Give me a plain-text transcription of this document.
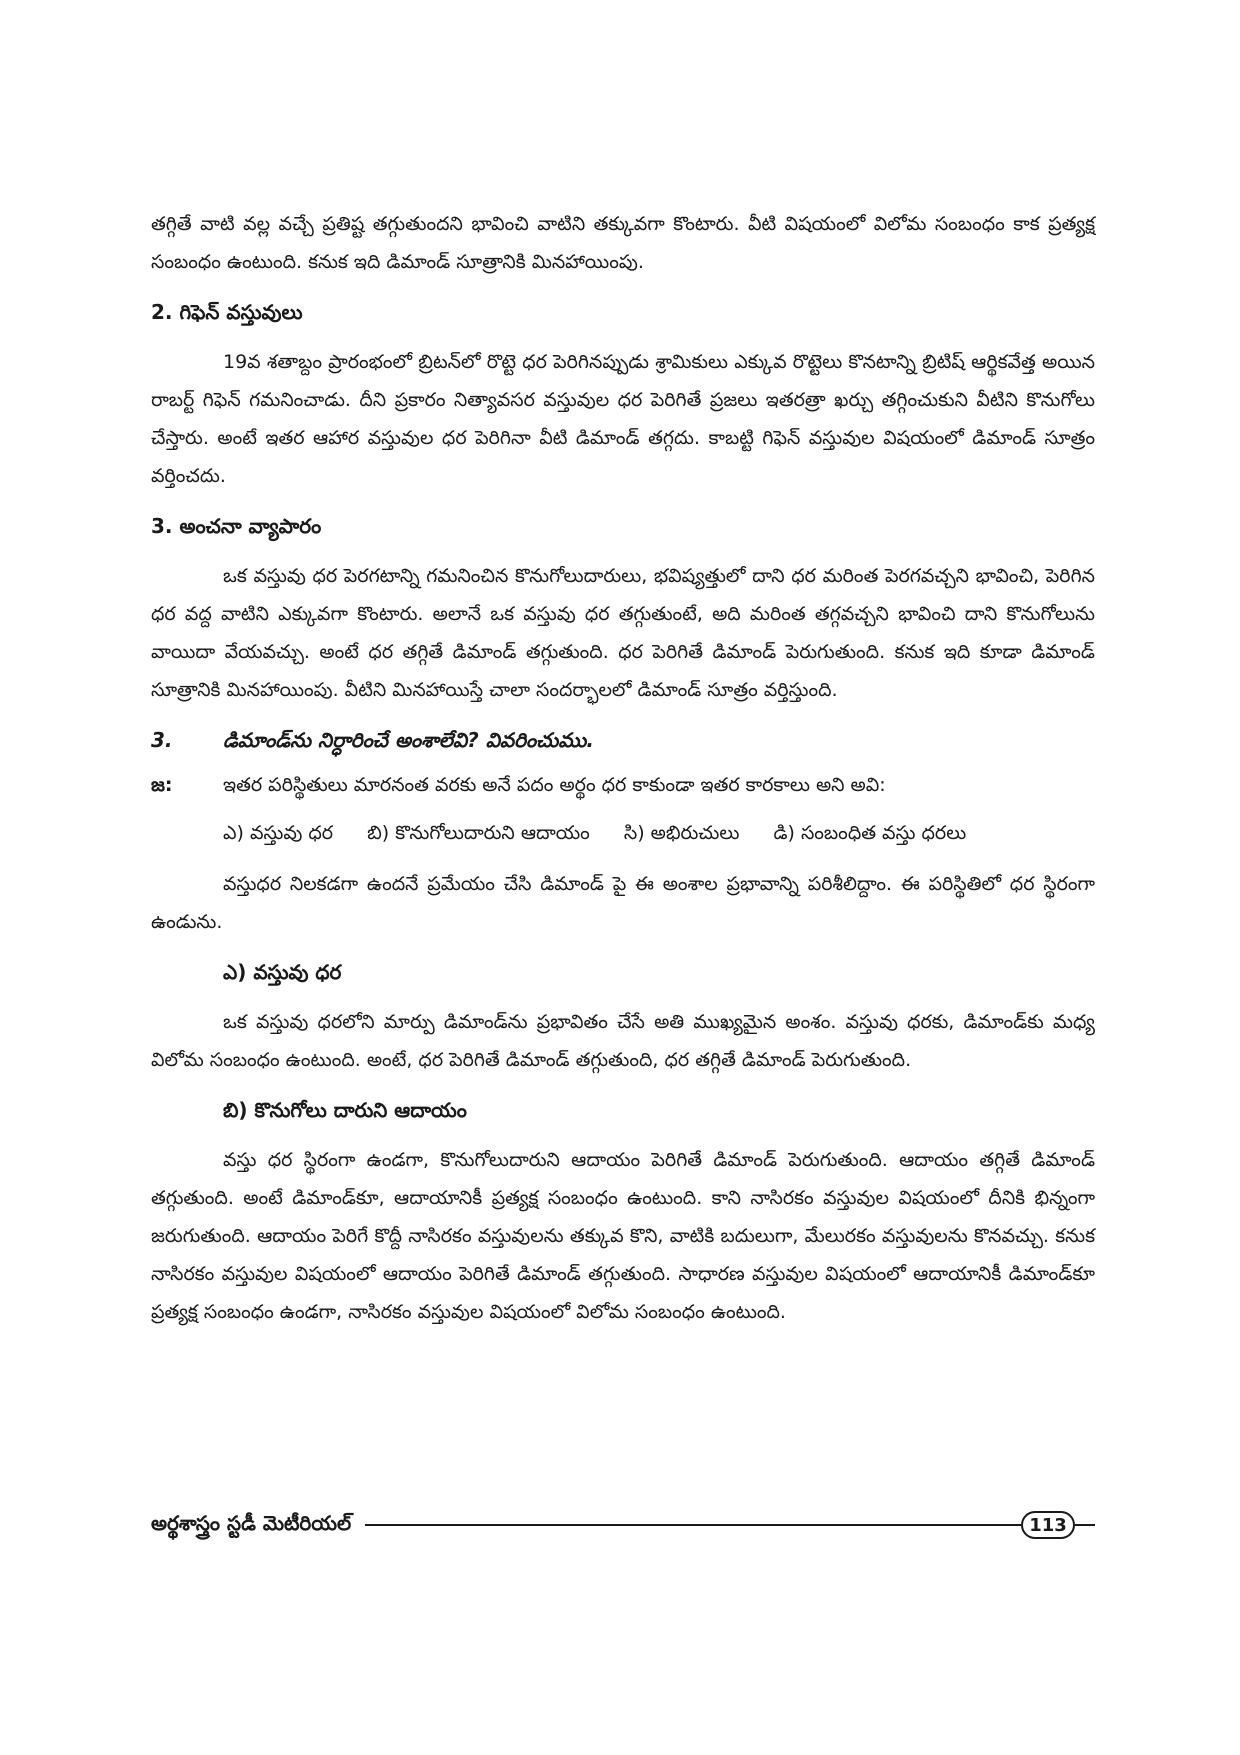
తగ్గితే వాటి వల్ల వచ్చే ప్రతిష్ట తగ్గుతుందని భావించి వాటిని తక్కువగా కొంటారు. వీటి విషయంలో విలోమ సంబంధం కాక ప్రత్యక్ష సంబంధం ఉంటుంది. కనుక ఇది డిమాండ్ సూత్రానికి మినహాయింపు.

2. గిఫెన్ వస్తువులు

19వ శతాబ్దం ప్రారంభంలో బ్రిటన్‌లో రొట్టె ధర పెరిగినప్పుడు శ్రామికులు ఎక్కువ రొట్టెలు కొనటాన్ని బ్రిటిష్ ఆర్థికవేత్త అయిన రాబర్ట్ గిఫెన్ గమనించాడు. దీని ప్రకారం నిత్యావసర వస్తువుల ధర పెరిగితే ప్రజలు ఇతరత్రా ఖర్చు తగ్గించుకుని వీటిని కొనుగోలు చేస్తారు. అంటే ఇతర ఆహార వస్తువుల ధర పెరిగినా వీటి డిమాండ్ తగ్గదు. కాబట్టి గిఫెన్ వస్తువుల విషయంలో డిమాండ్ సూత్రం వర్తించదు.

3. అంచనా వ్యాపారం

ఒక వస్తువు ధర పెరగటాన్ని గమనించిన కొనుగోలుదారులు, భవిష్యత్తులో దాని ధర మరింత పెరగవచ్చని భావించి, పెరిగిన ధర వద్ద వాటిని ఎక్కువగా కొంటారు. అలానే ఒక వస్తువు ధర తగ్గుతుంటే, అది మరింత తగ్గవచ్చని భావించి దాని కొనుగోలును వాయిదా వేయవచ్చు. అంటే ధర తగ్గితే డిమాండ్ తగ్గుతుంది. ధర పెరిగితే డిమాండ్ పెరుగుతుంది. కనుక ఇది కూడా డిమాండ్ సూత్రానికి మినహాయింపు. వీటిని మినహాయిస్తే చాలా సందర్భాలలో డిమాండ్ సూత్రం వర్తిస్తుంది.

3.	డిమాండ్‌ను నిర్ధారించే అంశాలేవి? వివరించుము.
జ:	ఇతర పరిస్థితులు మారనంత వరకు అనే పదం అర్థం ధర కాకుండా ఇతర కారకాలు అని అవి:
ఎ) వస్తువు ధర బి) కొనుగోలుదారుని ఆదాయం సి) అభిరుచులు డి) సంబంధిత వస్తు ధరలు

వస్తుధర నిలకడగా ఉందనే ప్రమేయం చేసి డిమాండ్ పై ఈ అంశాల ప్రభావాన్ని పరిశీలిద్దాం. ఈ పరిస్థితిలో ధర స్థిరంగా ఉండును.

ఎ) వస్తువు ధర

ఒక వస్తువు ధరలోని మార్పు డిమాండ్‌ను ప్రభావితం చేసే అతి ముఖ్యమైన అంశం. వస్తువు ధరకు, డిమాండ్‌కు మధ్య విలోమ సంబంధం ఉంటుంది. అంటే, ధర పెరిగితే డిమాండ్ తగ్గుతుంది, ధర తగ్గితే డిమాండ్ పెరుగుతుంది.

బి) కొనుగోలు దారుని ఆదాయం

వస్తు ధర స్థిరంగా ఉండగా, కొనుగోలుదారుని ఆదాయం పెరిగితే డిమాండ్ పెరుగుతుంది. ఆదాయం తగ్గితే డిమాండ్ తగ్గుతుంది. అంటే డిమాండ్‌కూ, ఆదాయానికీ ప్రత్యక్ష సంబంధం ఉంటుంది. కాని నాసిరకం వస్తువుల విషయంలో దీనికి భిన్నంగా జరుగుతుంది. ఆదాయం పెరిగే కొద్దీ నాసిరకం వస్తువులను తక్కువ కొని, వాటికి బదులుగా, మేలురకం వస్తువులను కొనవచ్చు. కనుక నాసిరకం వస్తువుల విషయంలో ఆదాయం పెరిగితే డిమాండ్ తగ్గుతుంది. సాధారణ వస్తువుల విషయంలో ఆదాయానికీ డిమాండ్‌కూ ప్రత్యక్ష సంబంధం ఉండగా, నాసిరకం వస్తువుల విషయంలో విలోమ సంబంధం ఉంటుంది.

అర్థశాస్త్రం స్టడీ మెటీరియల్	113
